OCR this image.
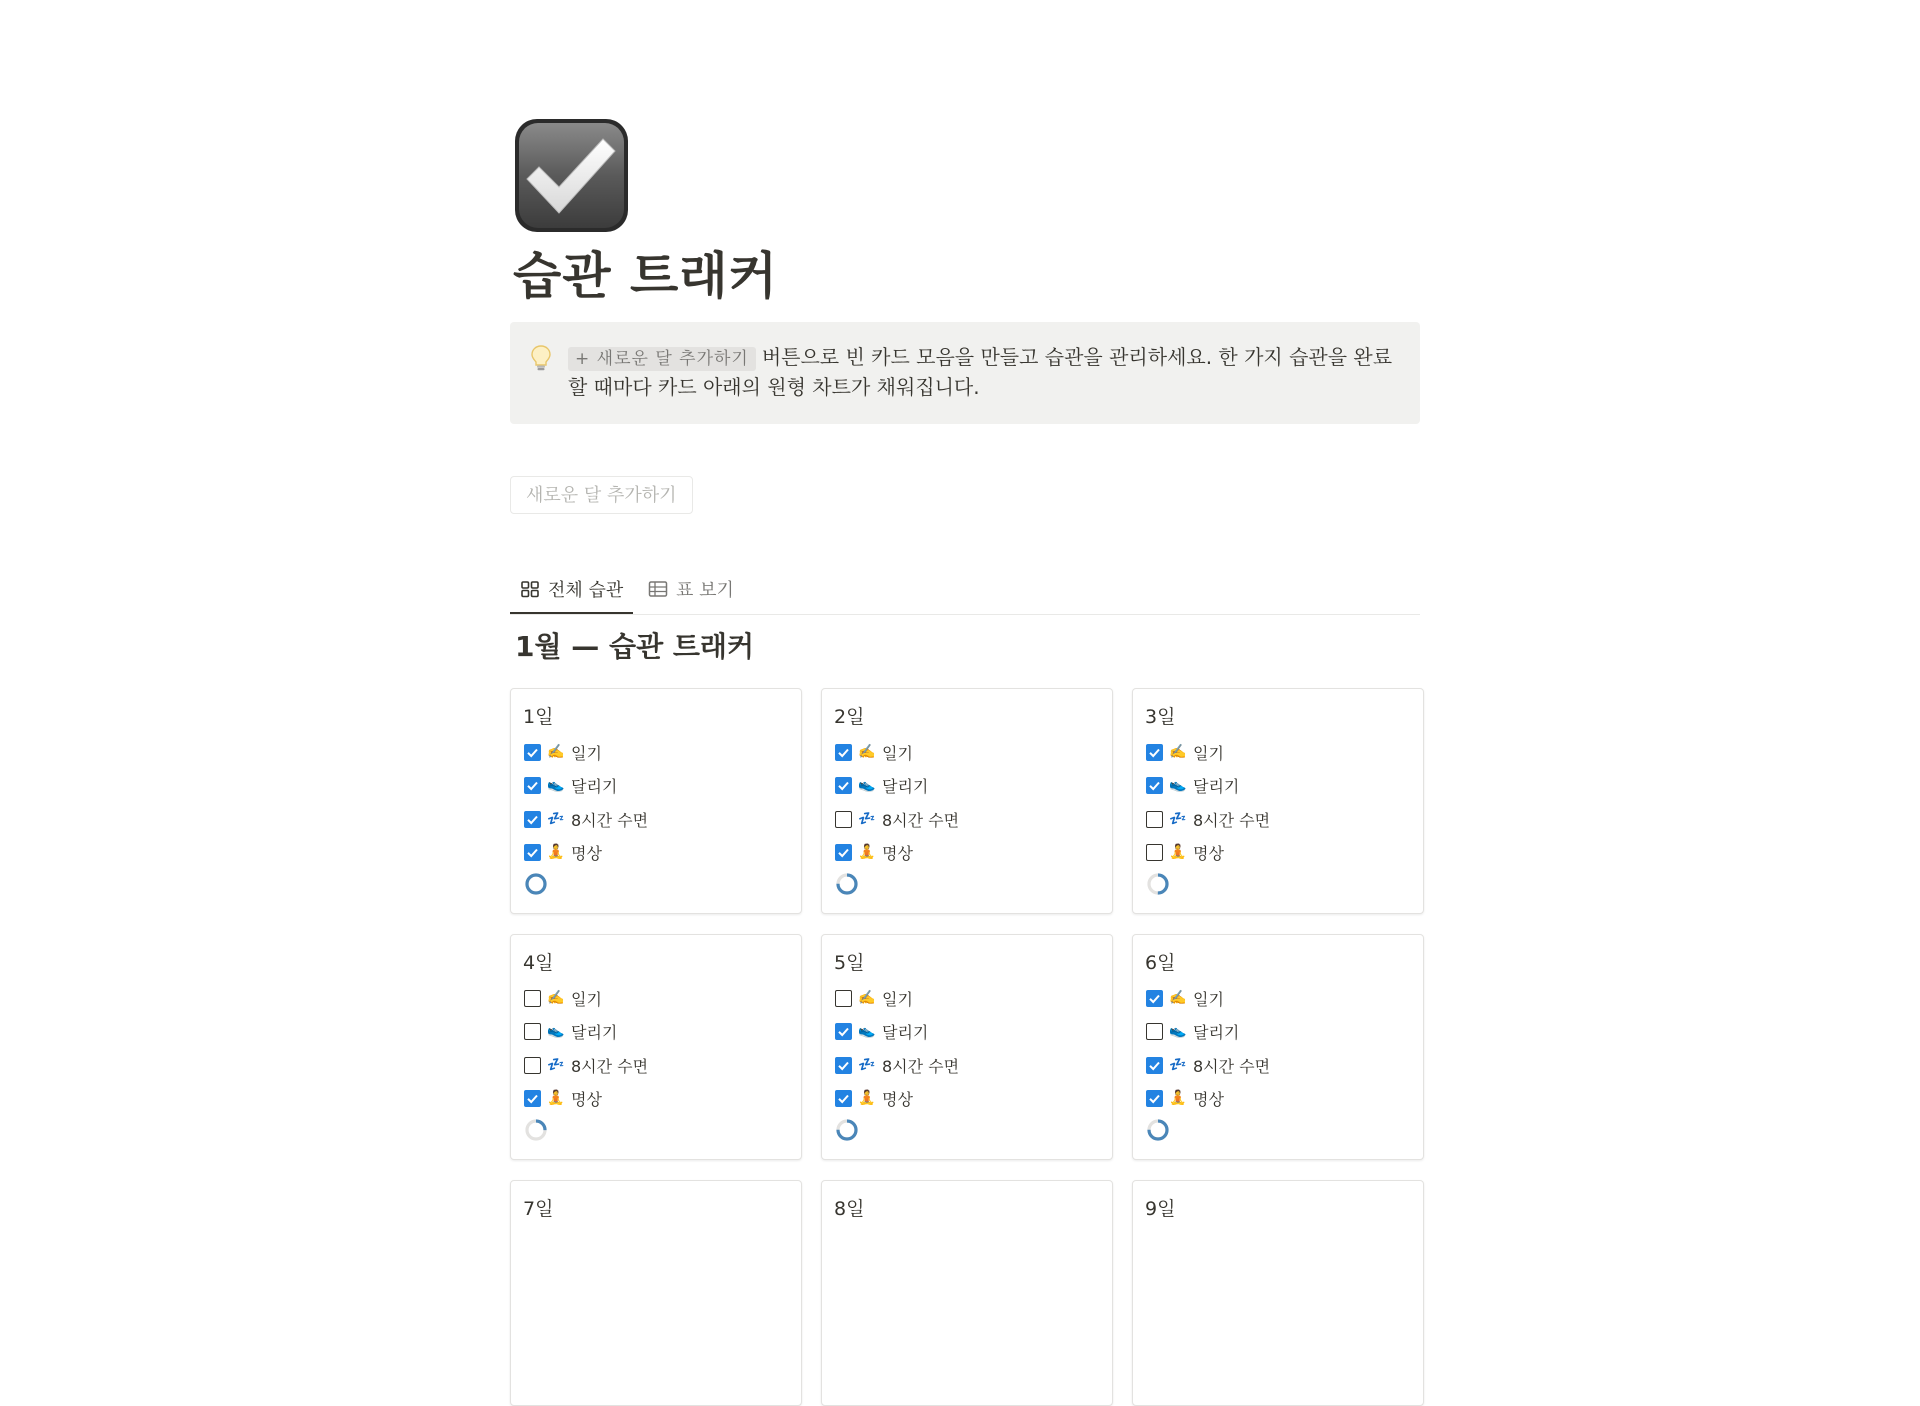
습관 트래커
+ 새로운 달 추가하기 버튼으로 빈 카드 모음을 만들고 습관을 관리하세요. 한 가지 습관을 완료할 때마다 카드 아래의 원형 차트가 채워집니다.
새로운 달 추가하기
전체 습관	표 보기
1월 — 습관 트래커
1일
✍️ 일기
👟 달리기
💤 8시간 수면
🧘 명상
2일
✍️ 일기
👟 달리기
💤 8시간 수면
🧘 명상
3일
✍️ 일기
👟 달리기
💤 8시간 수면
🧘 명상
4일
✍️ 일기
👟 달리기
💤 8시간 수면
🧘 명상
5일
✍️ 일기
👟 달리기
💤 8시간 수면
🧘 명상
6일
✍️ 일기
👟 달리기
💤 8시간 수면
🧘 명상
7일	8일	9일
